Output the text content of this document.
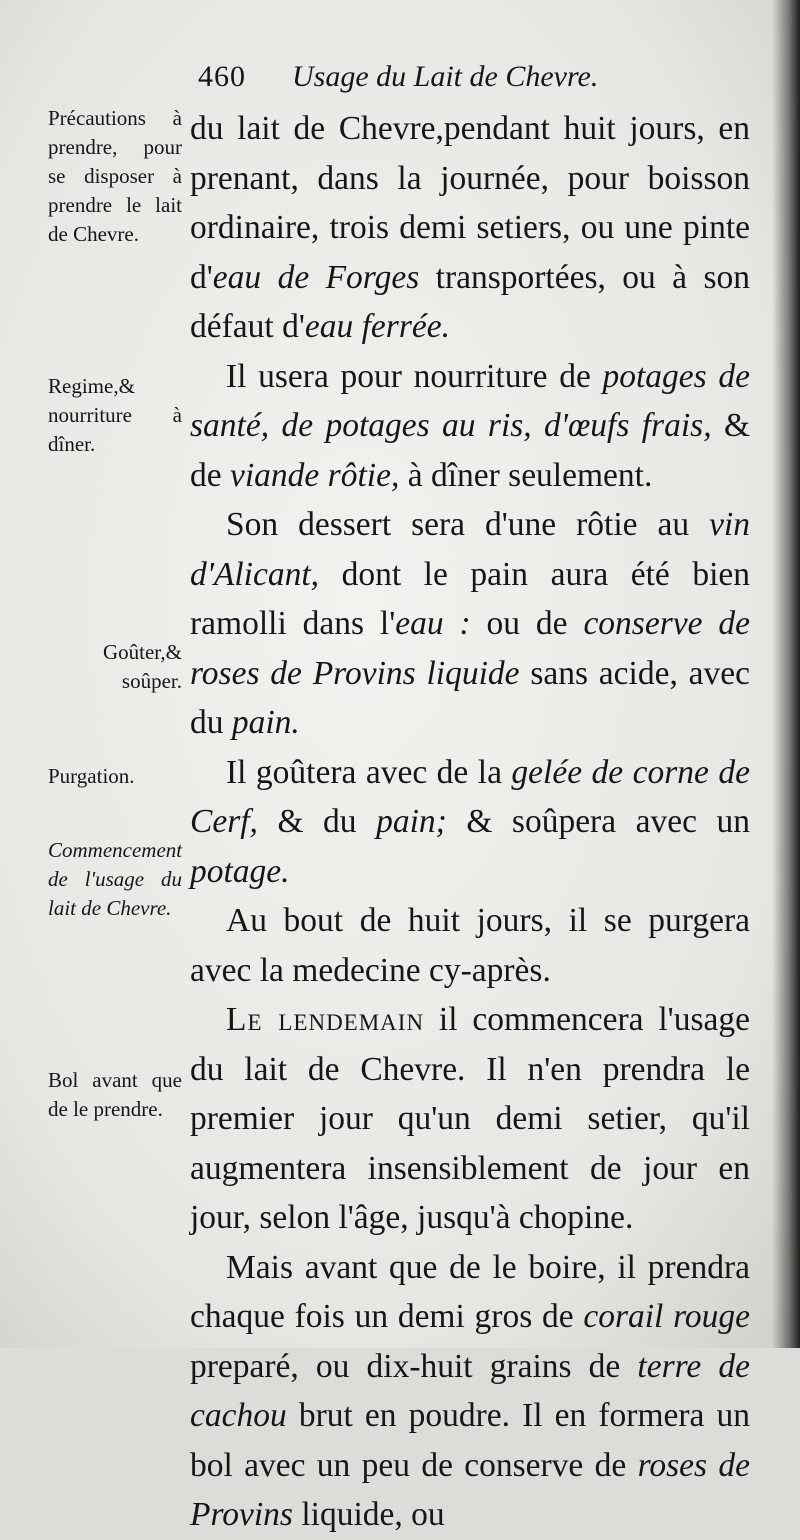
460 Usage du Lait de Chevre.
Précautions à prendre, pour se disposer à prendre le lait de Chevre.
Regime,& nourriture à dîner.
Goûter,& soûper.
Purgation.
Commencement de l'usage du lait de Chevre.
Bol avant que de le prendre.

du lait de Chevre,pendant huit jours, en prenant, dans la journée, pour boisson ordinaire, trois demi setiers, ou une pinte d'eau de Forges transportées, ou à son défaut d'eau ferrée.

Il usera pour nourriture de potages de santé, de potages au ris, d'œufs frais, & de viande rôtie, à dîner seulement.

Son dessert sera d'une rôtie au vin d'Alicant, dont le pain aura été bien ramolli dans l'eau : ou de conserve de roses de Provins liquide sans acide, avec du pain.

Il goûtera avec de la gelée de corne de Cerf, & du pain; & soûpera avec un potage.

Au bout de huit jours, il se purgera avec la medecine cy-après.

Le lendemain il commencera l'usage du lait de Chevre. Il n'en prendra le premier jour qu'un demi setier, qu'il augmentera insensiblement de jour en jour, selon l'âge, jusqu'à chopine.

Mais avant que de le boire, il prendra chaque fois un demi gros de corail rouge preparé, ou dix-huit grains de terre de cachou brut en poudre. Il en formera un bol avec un peu de conserve de roses de Provins liquide, ou
